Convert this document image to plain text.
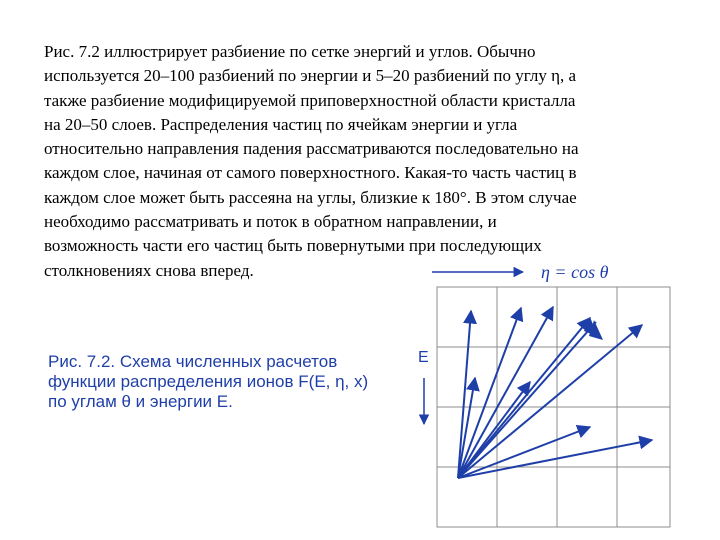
Рис. 7.2 иллюстрирует разбиение по сетке энергий и углов. Обычно
используется 20–100 разбиений по энергии и 5–20 разбиений по углу η, а
также разбиение модифицируемой приповерхностной области кристалла
на 20–50 слоев. Распределения частиц по ячейкам энергии и угла
относительно направления падения рассматриваются последовательно на
каждом слое, начиная от самого поверхностного. Какая-то часть частиц в
каждом слое может быть рассеяна на углы, близкие к 180°. В этом случае
необходимо рассматривать и поток в обратном направлении, и
возможность части его частиц быть повернутыми при последующих
столкновениях снова вперед.
Рис. 7.2. Схема численных расчетов
функции распределения ионов F(E, η, x)
по углам θ и энергии E.
η = cos θ
E
